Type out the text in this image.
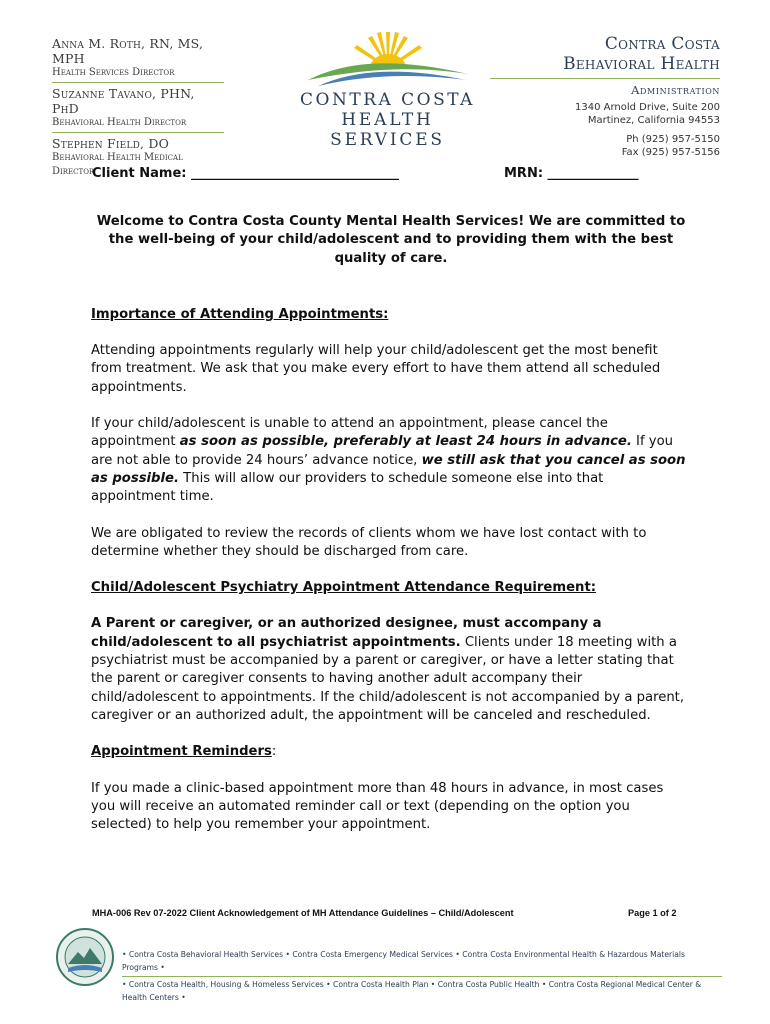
Anna M. Roth, RN, MS, MPH
Health Services Director
Suzanne Tavano, PHN, PhD
Behavioral Health Director
Stephen Field, DO
Behavioral Health Medical Director
CONTRA COSTA
HEALTH SERVICES
Contra Costa
Behavioral Health
Administration
1340 Arnold Drive, Suite 200
Martinez, California 94553
Ph (925) 957-5150
Fax (925) 957-5156
Client Name: ________________________________	MRN: ______________

Welcome to Contra Costa County Mental Health Services! We are committed to the well-being of your child/adolescent and to providing them with the best quality of care.

Importance of Attending Appointments:

Attending appointments regularly will help your child/adolescent get the most benefit from treatment. We ask that you make every effort to have them attend all scheduled appointments.

If your child/adolescent is unable to attend an appointment, please cancel the appointment as soon as possible, preferably at least 24 hours in advance. If you are not able to provide 24 hours’ advance notice, we still ask that you cancel as soon as possible. This will allow our providers to schedule someone else into that appointment time.

We are obligated to review the records of clients whom we have lost contact with to determine whether they should be discharged from care.

Child/Adolescent Psychiatry Appointment Attendance Requirement:

A Parent or caregiver, or an authorized designee, must accompany a child/adolescent to all psychiatrist appointments. Clients under 18 meeting with a psychiatrist must be accompanied by a parent or caregiver, or have a letter stating that the parent or caregiver consents to having another adult accompany their child/adolescent to appointments. If the child/adolescent is not accompanied by a parent, caregiver or an authorized adult, the appointment will be canceled and rescheduled.

Appointment Reminders:

If you made a clinic-based appointment more than 48 hours in advance, in most cases you will receive an automated reminder call or text (depending on the option you selected) to help you remember your appointment.

MHA-006 Rev 07-2022 Client Acknowledgement of MH Attendance Guidelines – Child/Adolescent	Page 1 of 2
• Contra Costa Behavioral Health Services • Contra Costa Emergency Medical Services • Contra Costa Environmental Health & Hazardous Materials Programs •
• Contra Costa Health, Housing & Homeless Services • Contra Costa Health Plan • Contra Costa Public Health • Contra Costa Regional Medical Center & Health Centers •
